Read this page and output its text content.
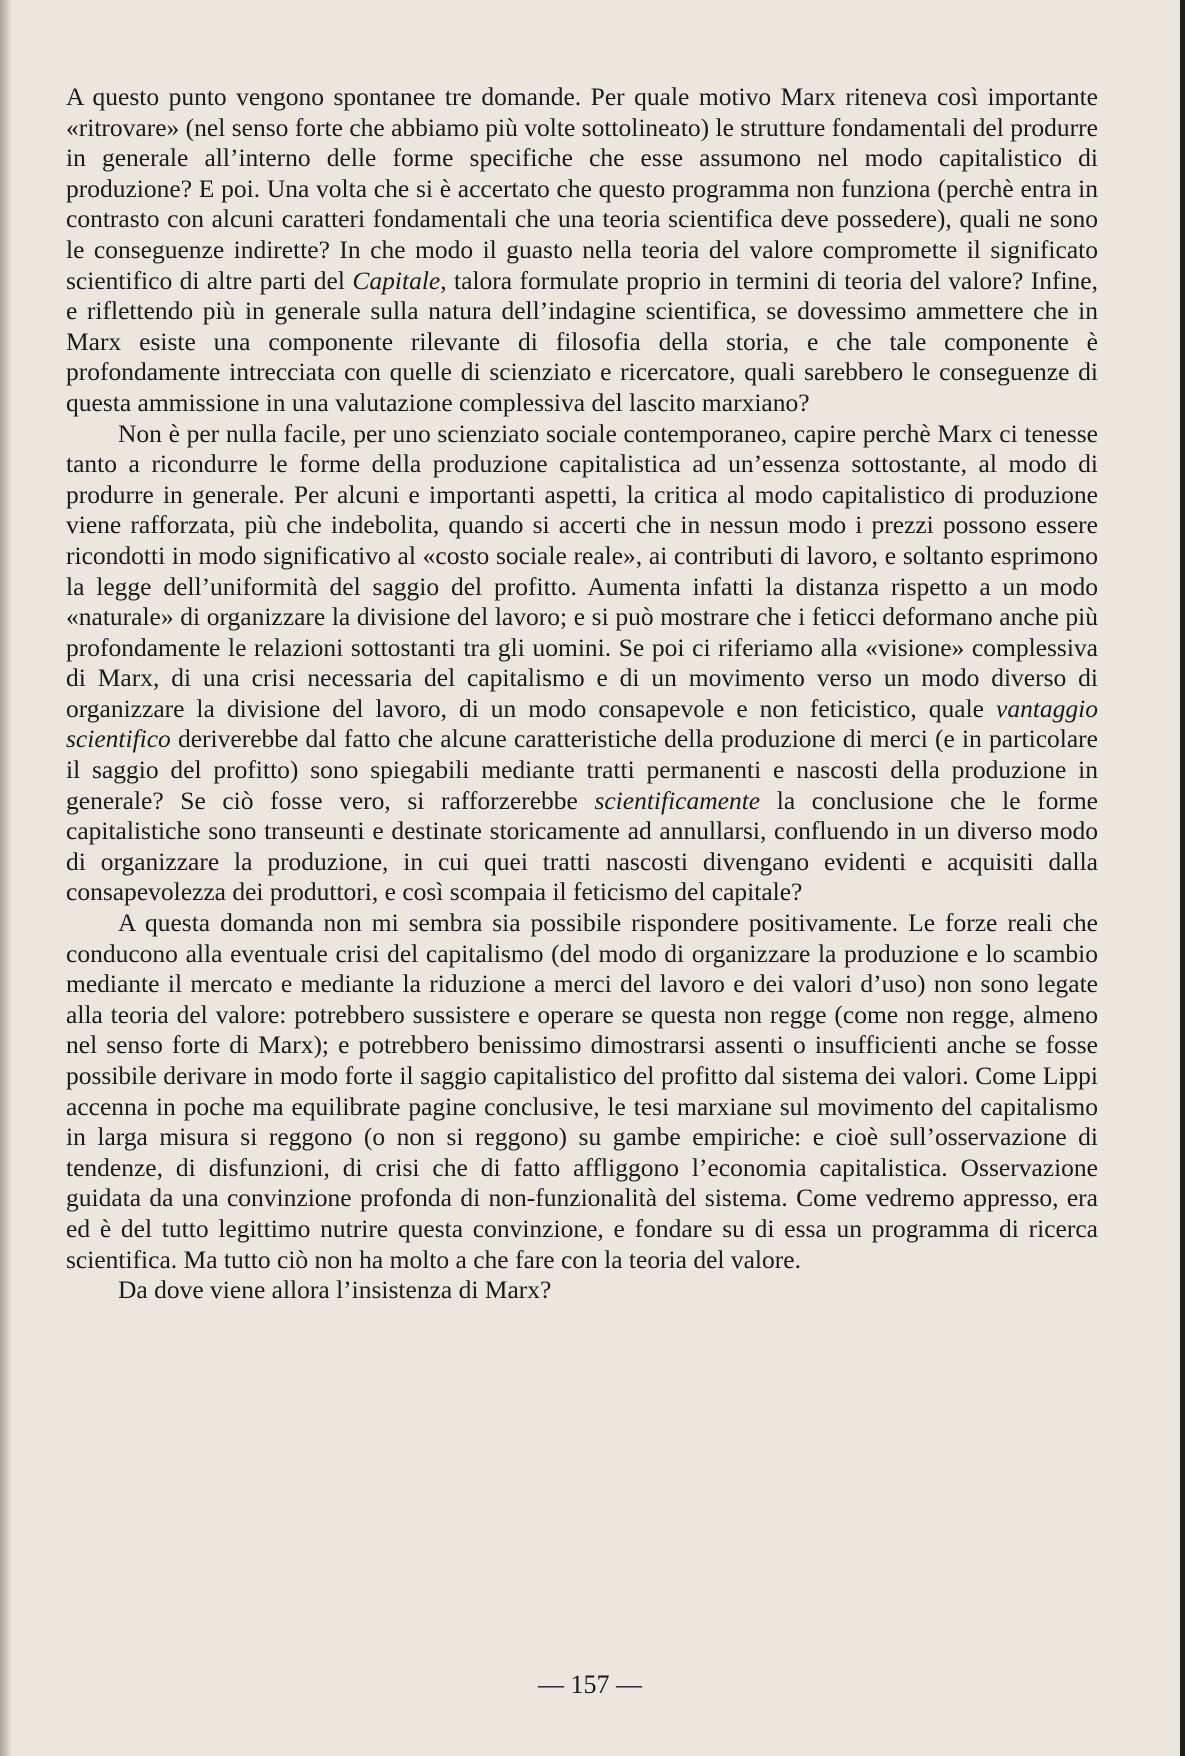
A questo punto vengono spontanee tre domande. Per quale motivo Marx riteneva così importante «ritrovare» (nel senso forte che abbiamo più volte sottolineato) le strutture fondamentali del produrre in generale all’interno delle forme specifiche che esse assumono nel modo capitalistico di produzione? E poi. Una volta che si è accertato che questo programma non funziona (perchè entra in contrasto con alcuni caratteri fondamentali che una teoria scientifica deve possedere), quali ne sono le conseguenze indirette? In che modo il guasto nella teoria del valore compromette il significato scientifico di altre parti del Capitale, talora formulate proprio in termini di teoria del valore? Infine, e riflettendo più in generale sulla natura dell’indagine scientifica, se dovessimo ammettere che in Marx esiste una componente rilevante di filosofia della storia, e che tale componente è profondamente intrecciata con quelle di scienziato e ricercatore, quali sarebbero le conseguenze di questa ammissione in una valutazione complessiva del lascito marxiano?

Non è per nulla facile, per uno scienziato sociale contemporaneo, capire perchè Marx ci tenesse tanto a ricondurre le forme della produzione capitalistica ad un’essenza sottostante, al modo di produrre in generale. Per alcuni e importanti aspetti, la critica al modo capitalistico di produzione viene rafforzata, più che indebolita, quando si accerti che in nessun modo i prezzi possono essere ricondotti in modo significativo al «costo sociale reale», ai contributi di lavoro, e soltanto esprimono la legge dell’uniformità del saggio del profitto. Aumenta infatti la distanza rispetto a un modo «naturale» di organizzare la divisione del lavoro; e si può mostrare che i feticci deformano anche più profondamente le relazioni sottostanti tra gli uomini. Se poi ci riferiamo alla «visione» complessiva di Marx, di una crisi necessaria del capitalismo e di un movimento verso un modo diverso di organizzare la divisione del lavoro, di un modo consapevole e non feticistico, quale vantaggio scientifico deriverebbe dal fatto che alcune caratteristiche della produzione di merci (e in particolare il saggio del profitto) sono spiegabili mediante tratti permanenti e nascosti della produzione in generale? Se ciò fosse vero, si rafforzerebbe scientificamente la conclusione che le forme capitalistiche sono transeunti e destinate storicamente ad annullarsi, confluendo in un diverso modo di organizzare la produzione, in cui quei tratti nascosti divengano evidenti e acquisiti dalla consapevolezza dei produttori, e così scompaia il feticismo del capitale?

A questa domanda non mi sembra sia possibile rispondere positivamente. Le forze reali che conducono alla eventuale crisi del capitalismo (del modo di organizzare la produzione e lo scambio mediante il mercato e mediante la riduzione a merci del lavoro e dei valori d’uso) non sono legate alla teoria del valore: potrebbero sussistere e operare se questa non regge (come non regge, almeno nel senso forte di Marx); e potrebbero benissimo dimostrarsi assenti o insufficienti anche se fosse possibile derivare in modo forte il saggio capitalistico del profitto dal sistema dei valori. Come Lippi accenna in poche ma equilibrate pagine conclusive, le tesi marxiane sul movimento del capitalismo in larga misura si reggono (o non si reggono) su gambe empiriche: e cioè sull’osservazione di tendenze, di disfunzioni, di crisi che di fatto affliggono l’economia capitalistica. Osservazione guidata da una convinzione profonda di non-funzionalità del sistema. Come vedremo appresso, era ed è del tutto legittimo nutrire questa convinzione, e fondare su di essa un programma di ricerca scientifica. Ma tutto ciò non ha molto a che fare con la teoria del valore.

Da dove viene allora l’insistenza di Marx?

— 157 —
